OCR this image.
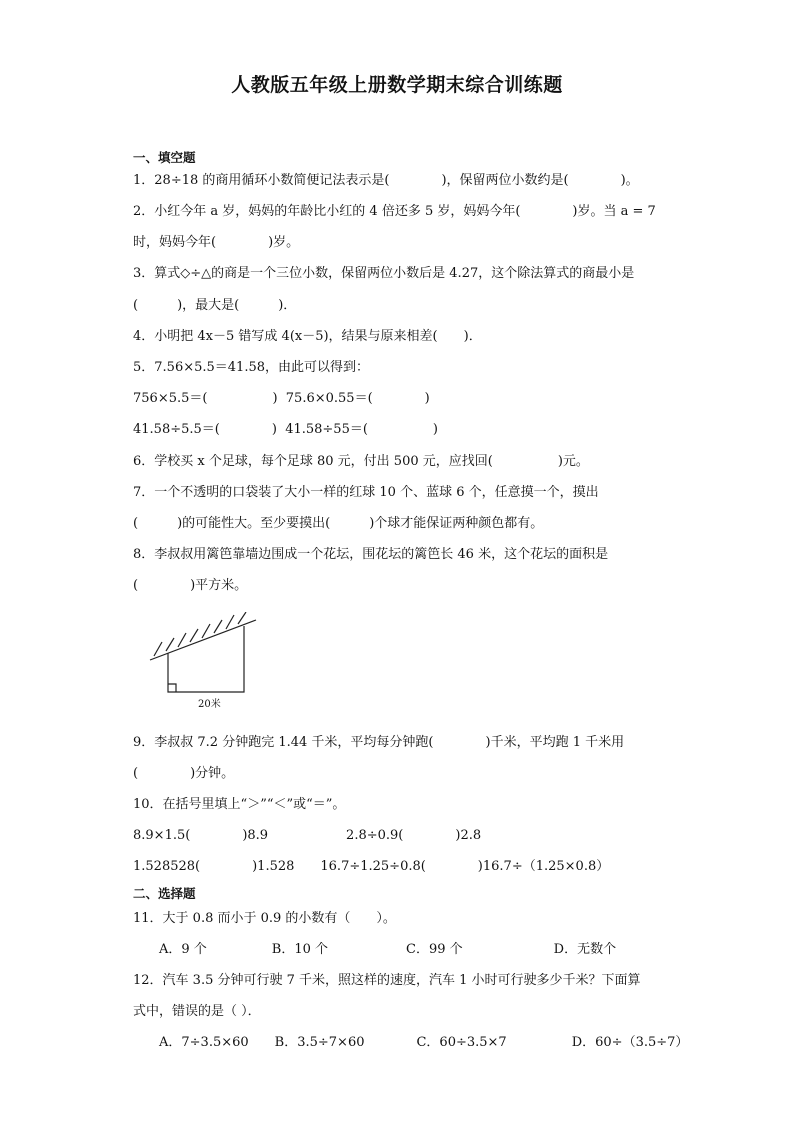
人教版五年级上册数学期末综合训练题
一、填空题
1．28÷18 的商用循环小数简便记法表示是(　　　　)，保留两位小数约是(　　　　)。
2．小红今年 a 岁，妈妈的年龄比小红的 4 倍还多 5 岁，妈妈今年(　　　　)岁。当 a = 7
时，妈妈今年(　　　　)岁。
3．算式◇÷△的商是一个三位小数，保留两位小数后是 4.27，这个除法算式的商最小是
(　　　)，最大是(　　　)．
4．小明把 4x－5 错写成 4(x－5)，结果与原来相差(　　)．
5．7.56×5.5＝41.58，由此可以得到：
756×5.5＝(　　　　　)  75.6×0.55＝(　　　　)
41.58÷5.5＝(　　　　)  41.58÷55＝(　　　　　)
6．学校买 x 个足球，每个足球 80 元，付出 500 元，应找回(　　　　　)元。
7．一个不透明的口袋装了大小一样的红球 10 个、蓝球 6 个，任意摸一个，摸出
(　　　)的可能性大。至少要摸出(　　　)个球才能保证两种颜色都有。
8．李叔叔用篱笆靠墙边围成一个花坛，围花坛的篱笆长 46 米，这个花坛的面积是
(　　　　)平方米。
20米
9．李叔叔 7.2 分钟跑完 1.44 千米，平均每分钟跑(　　　　)千米，平均跑 1 千米用
(　　　　)分钟。
10．在括号里填上“＞”“＜”或“＝”。
8.9×1.5(　　　　)8.9　　　　　　2.8÷0.9(　　　　)2.8
1.528528(　　　　)1.528　　16.7÷1.25÷0.8(　　　　)16.7÷（1.25×0.8）
二、选择题
11．大于 0.8 而小于 0.9 的小数有（　　）。
　　A．9 个　　　　　B．10 个　　　　　　C．99 个　　　　　　　D．无数个
12．汽车 3.5 分钟可行驶 7 千米，照这样的速度，汽车 1 小时可行驶多少千米？下面算
式中，错误的是（ ）．
　　A．7÷3.5×60　　B．3.5÷7×60　　　　C．60÷3.5×7　　　　　D．60÷（3.5÷7）
